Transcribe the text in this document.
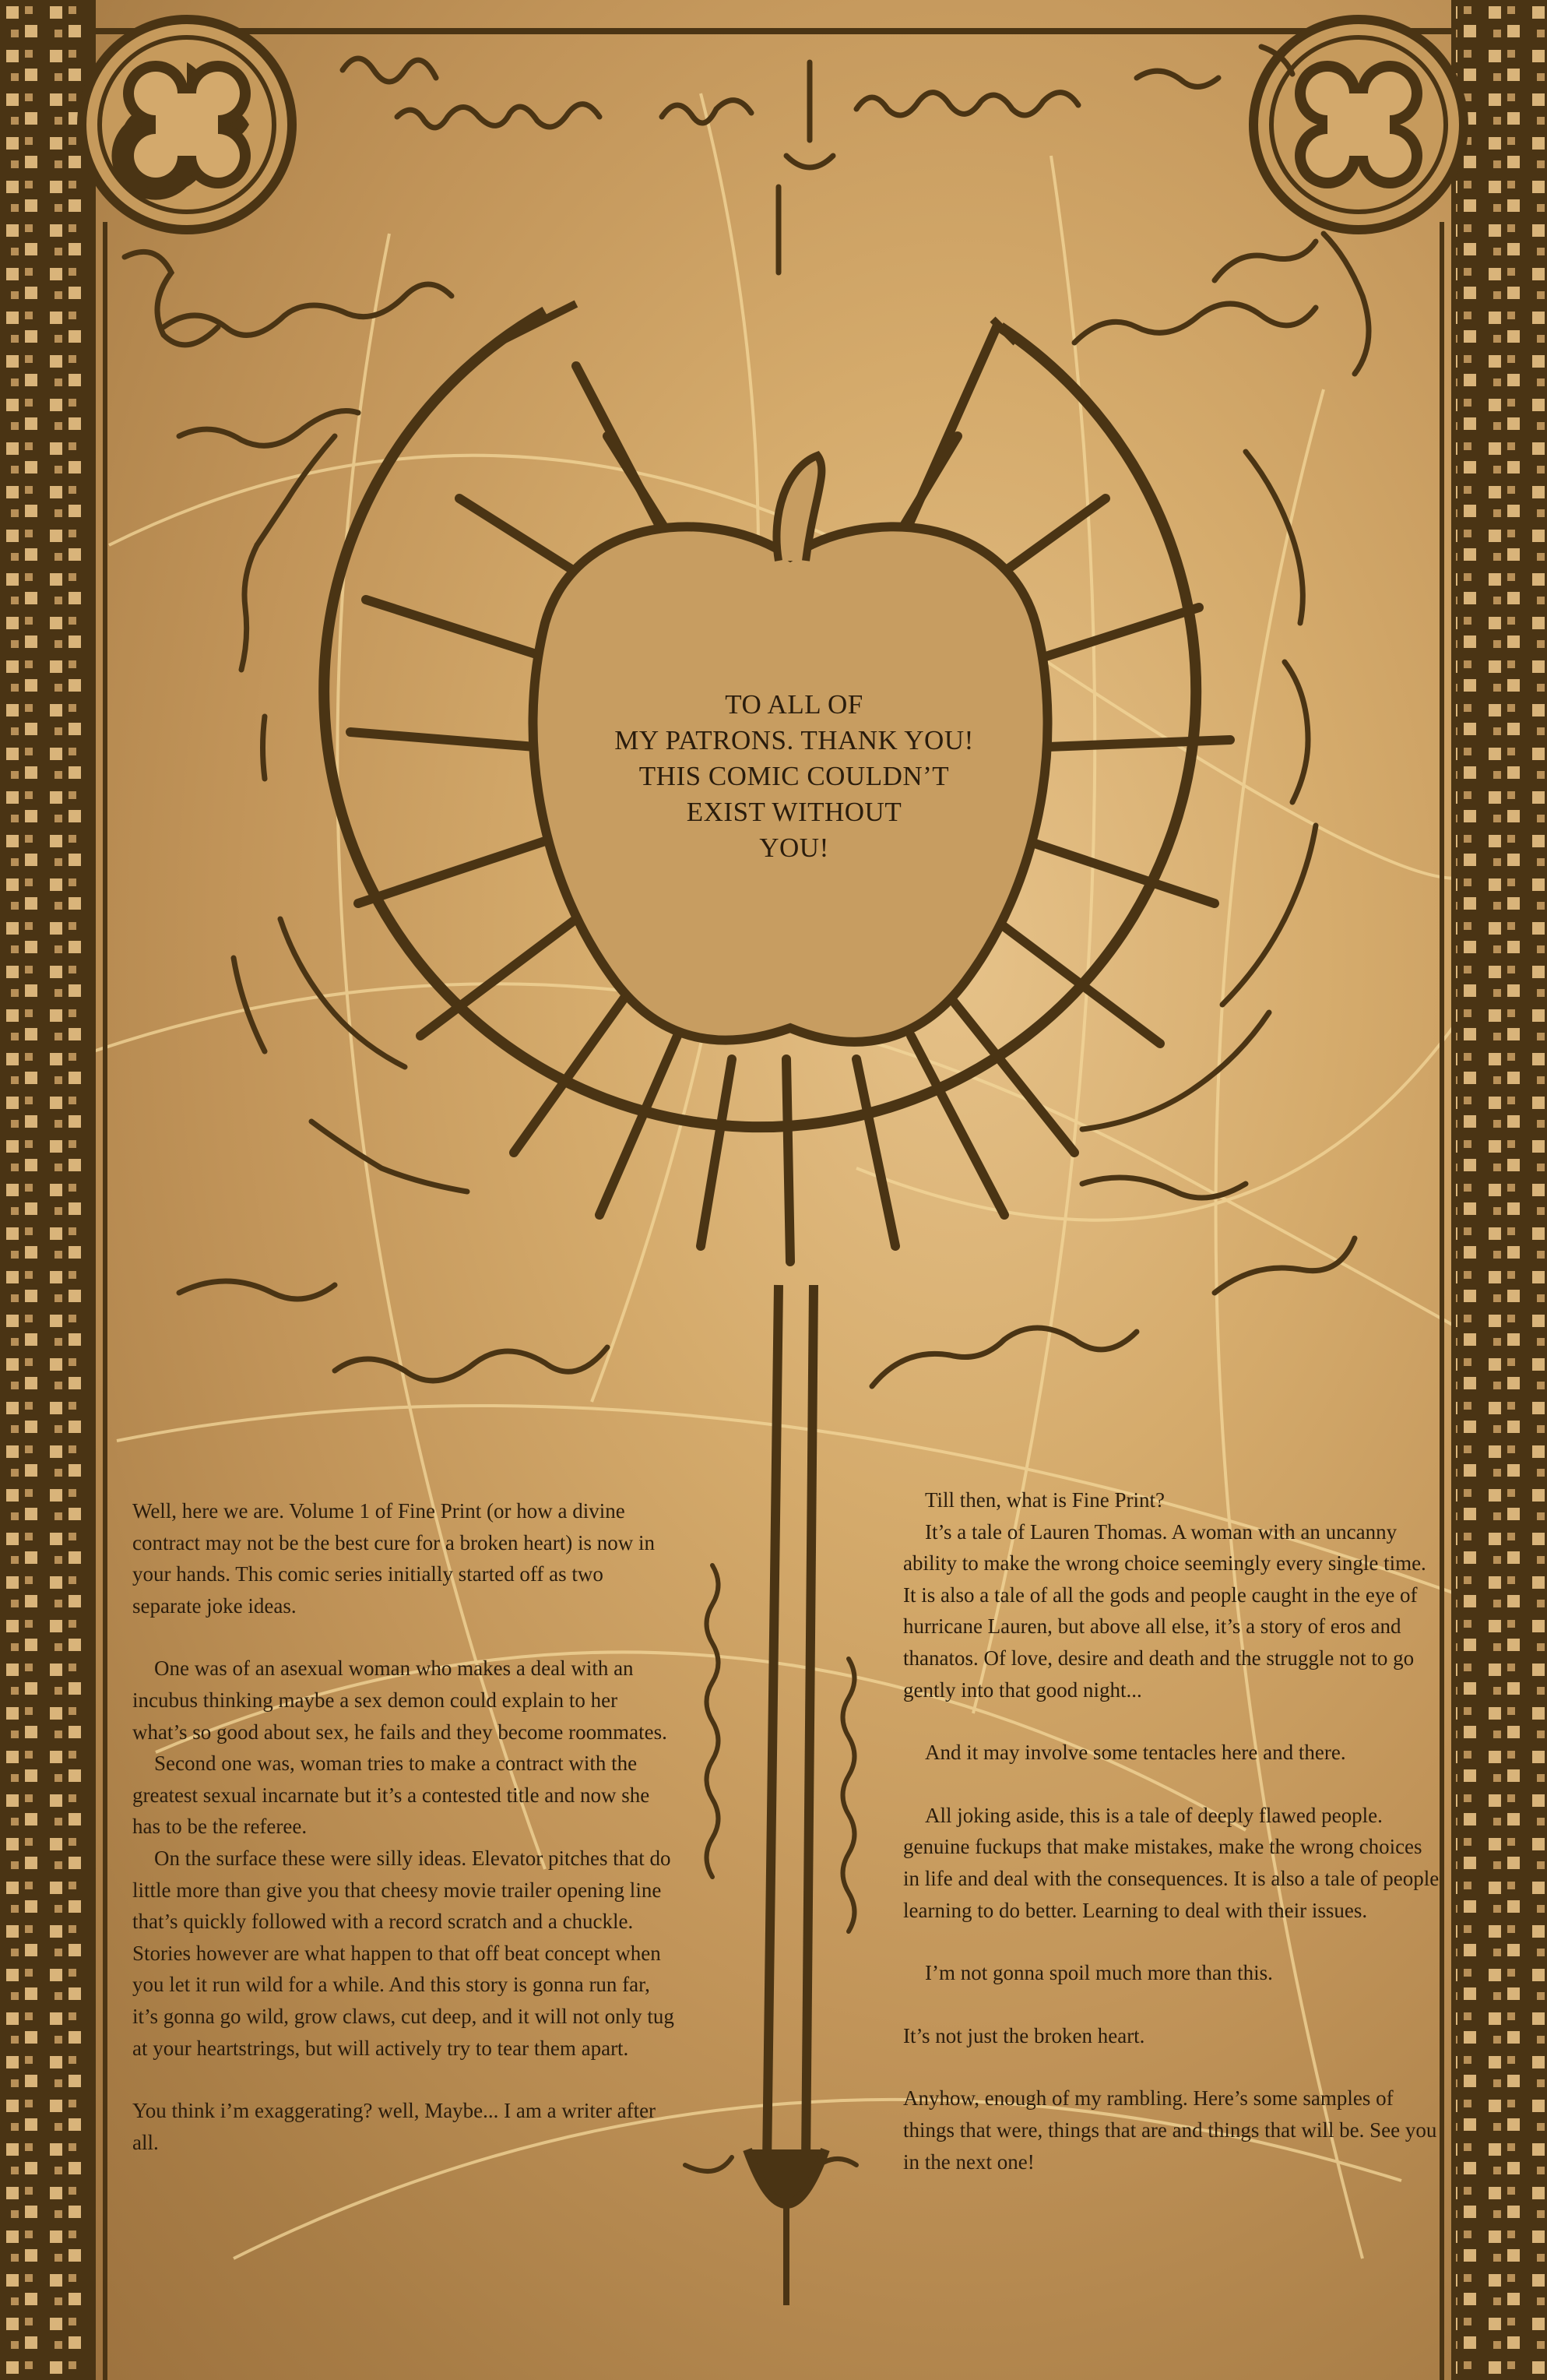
TO ALL OF
MY PATRONS. THANK YOU!
THIS COMIC COULDN’T
EXIST WITHOUT
YOU!

Well, here we are. Volume 1 of Fine Print (or how a divine contract may not be the best cure for a broken heart) is now in your hands. This comic series initially started off as two separate joke ideas.

One was of an asexual woman who makes a deal with an incubus thinking maybe a sex demon could explain to her what’s so good about sex, he fails and they become roommates.

Second one was, woman tries to make a contract with the greatest sexual incarnate but it’s a contested title and now she has to be the referee.

On the surface these were silly ideas. Elevator pitches that do little more than give you that cheesy movie trailer opening line that’s quickly followed with a record scratch and a chuckle.

Stories however are what happen to that off beat concept when you let it run wild for a while. And this story is gonna run far, it’s gonna go wild, grow claws, cut deep, and it will not only tug at your heartstrings, but will actively try to tear them apart.

You think i’m exaggerating? well, Maybe... I am a writer after all.

Till then, what is Fine Print?

It’s a tale of Lauren Thomas. A woman with an uncanny ability to make the wrong choice seemingly every single time. It is also a tale of all the gods and people caught in the eye of hurricane Lauren, but above all else, it’s a story of eros and thanatos. Of love, desire and death and the struggle not to go gently into that good night...

And it may involve some tentacles here and there.

All joking aside, this is a tale of deeply flawed people. genuine fuckups that make mistakes, make the wrong choices in life and deal with the consequences. It is also a tale of people learning to do better. Learning to deal with their issues.

I’m not gonna spoil much more than this.

It’s not just the broken heart.

Anyhow, enough of my rambling. Here’s some samples of things that were, things that are and things that will be. See you in the next one!
